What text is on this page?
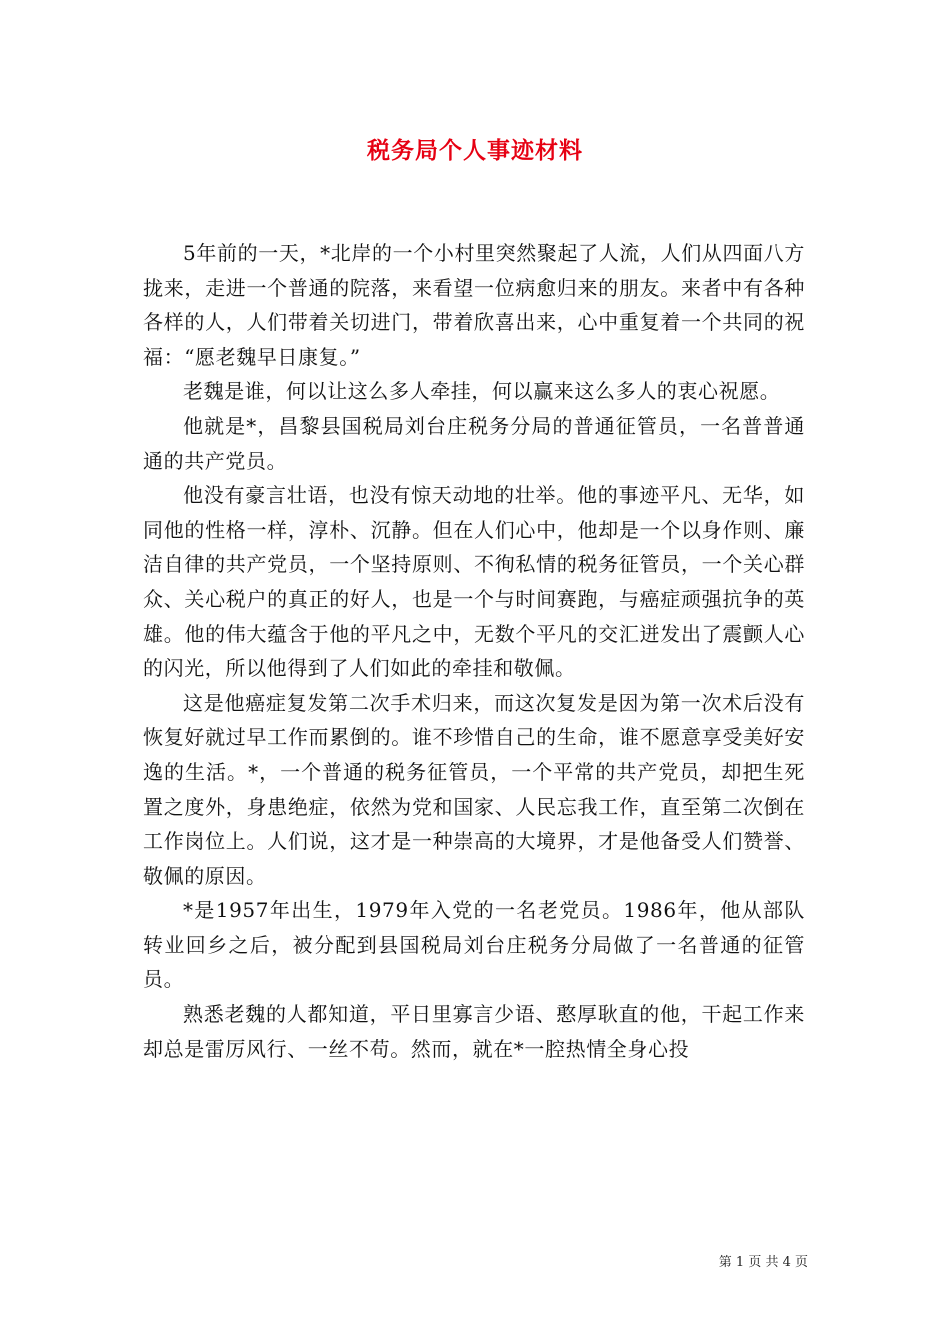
税务局个人事迹材料

5年前的一天，*北岸的一个小村里突然聚起了人流，人们从四面八方拢来，走进一个普通的院落，来看望一位病愈归来的朋友。来者中有各种各样的人，人们带着关切进门，带着欣喜出来，心中重复着一个共同的祝福：“愿老魏早日康复。”

老魏是谁，何以让这么多人牵挂，何以赢来这么多人的衷心祝愿。

他就是*，昌黎县国税局刘台庄税务分局的普通征管员，一名普普通通的共产党员。

他没有豪言壮语，也没有惊天动地的壮举。他的事迹平凡、无华，如同他的性格一样，淳朴、沉静。但在人们心中，他却是一个以身作则、廉洁自律的共产党员，一个坚持原则、不徇私情的税务征管员，一个关心群众、关心税户的真正的好人，也是一个与时间赛跑，与癌症顽强抗争的英雄。他的伟大蕴含于他的平凡之中，无数个平凡的交汇迸发出了震颤人心的闪光，所以他得到了人们如此的牵挂和敬佩。

这是他癌症复发第二次手术归来，而这次复发是因为第一次术后没有恢复好就过早工作而累倒的。谁不珍惜自己的生命，谁不愿意享受美好安逸的生活。*，一个普通的税务征管员，一个平常的共产党员，却把生死置之度外，身患绝症，依然为党和国家、人民忘我工作，直至第二次倒在工作岗位上。人们说，这才是一种崇高的大境界，才是他备受人们赞誉、敬佩的原因。

*是1957年出生，1979年入党的一名老党员。1986年，他从部队转业回乡之后，被分配到县国税局刘台庄税务分局做了一名普通的征管员。

熟悉老魏的人都知道，平日里寡言少语、憨厚耿直的他，干起工作来却总是雷厉风行、一丝不苟。然而，就在*一腔热情全身心投

第 1 页 共 4 页
